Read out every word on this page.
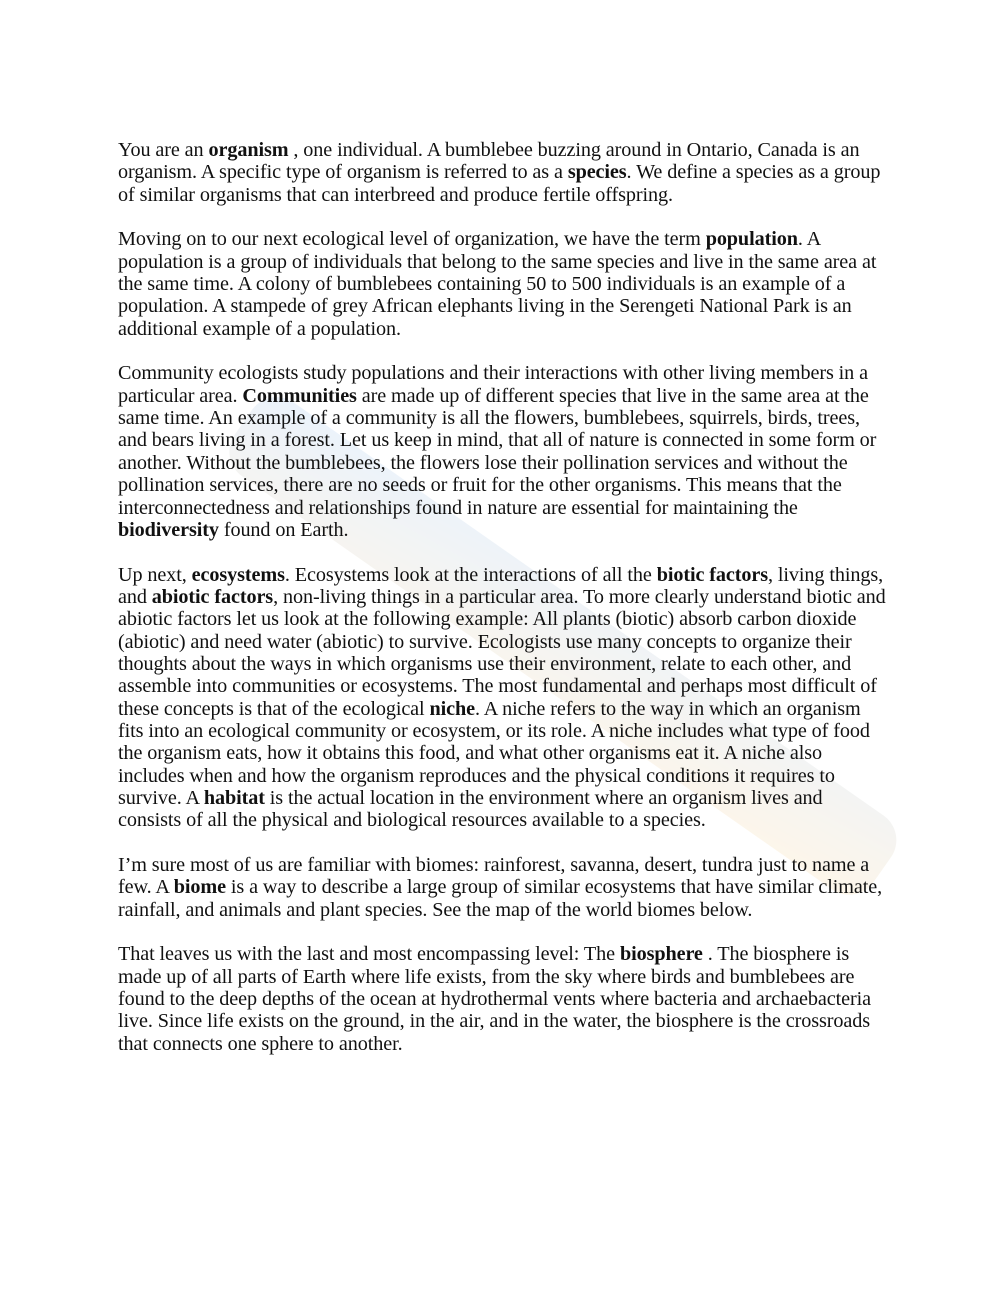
You are an organism , one individual. A bumblebee buzzing around in Ontario, Canada is an organism. A specific type of organism is referred to as a species. We define a species as a group of similar organisms that can interbreed and produce fertile offspring.

Moving on to our next ecological level of organization, we have the term population. A population is a group of individuals that belong to the same species and live in the same area at the same time. A colony of bumblebees containing 50 to 500 individuals is an example of a population. A stampede of grey African elephants living in the Serengeti National Park is an additional example of a population.

Community ecologists study populations and their interactions with other living members in a particular area. Communities are made up of different species that live in the same area at the same time. An example of a community is all the flowers, bumblebees, squirrels, birds, trees, and bears living in a forest. Let us keep in mind, that all of nature is connected in some form or another. Without the bumblebees, the flowers lose their pollination services and without the pollination services, there are no seeds or fruit for the other organisms. This means that the interconnectedness and relationships found in nature are essential for maintaining the biodiversity found on Earth.

Up next, ecosystems. Ecosystems look at the interactions of all the biotic factors, living things, and abiotic factors, non-living things in a particular area. To more clearly understand biotic and abiotic factors let us look at the following example: All plants (biotic) absorb carbon dioxide (abiotic) and need water (abiotic) to survive. Ecologists use many concepts to organize their thoughts about the ways in which organisms use their environment, relate to each other, and assemble into communities or ecosystems. The most fundamental and perhaps most difficult of these concepts is that of the ecological niche. A niche refers to the way in which an organism fits into an ecological community or ecosystem, or its role. A niche includes what type of food the organism eats, how it obtains this food, and what other organisms eat it. A niche also includes when and how the organism reproduces and the physical conditions it requires to survive. A habitat is the actual location in the environment where an organism lives and consists of all the physical and biological resources available to a species.

I’m sure most of us are familiar with biomes: rainforest, savanna, desert, tundra just to name a few. A biome is a way to describe a large group of similar ecosystems that have similar climate, rainfall, and animals and plant species. See the map of the world biomes below.

That leaves us with the last and most encompassing level: The biosphere . The biosphere is made up of all parts of Earth where life exists, from the sky where birds and bumblebees are found to the deep depths of the ocean at hydrothermal vents where bacteria and archaebacteria live. Since life exists on the ground, in the air, and in the water, the biosphere is the crossroads that connects one sphere to another.
